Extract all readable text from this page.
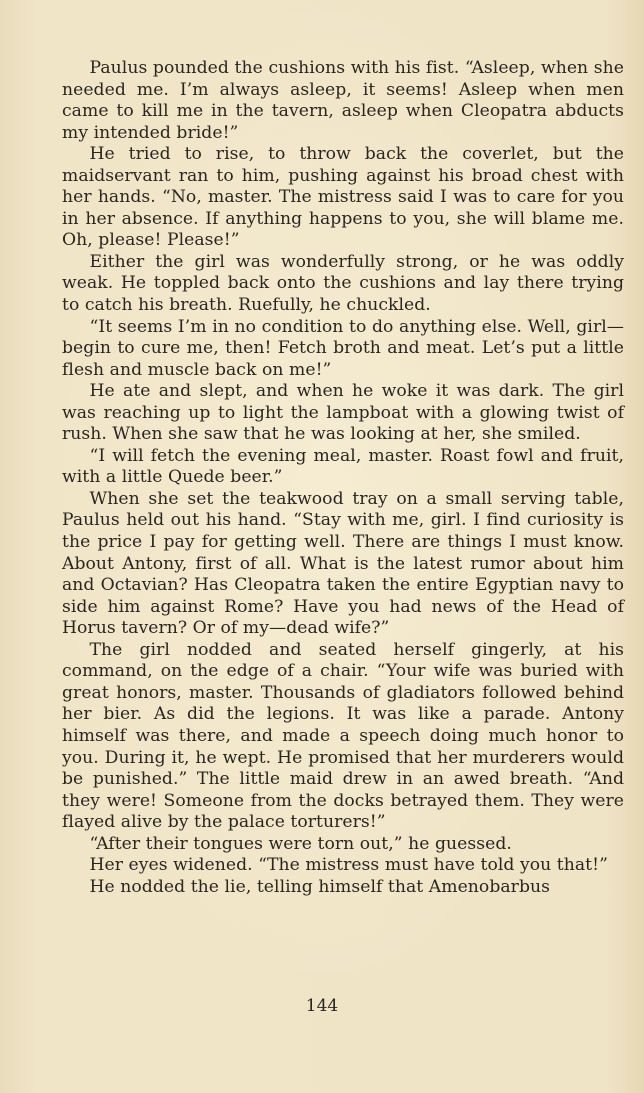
Paulus pounded the cushions with his fist. “Asleep, when she needed me. I’m always asleep, it seems! Asleep when men came to kill me in the tavern, asleep when Cleopatra abducts my intended bride!”

He tried to rise, to throw back the coverlet, but the maidservant ran to him, pushing against his broad chest with her hands. “No, master. The mistress said I was to care for you in her absence. If anything happens to you, she will blame me. Oh, please! Please!”

Either the girl was wonderfully strong, or he was oddly weak. He toppled back onto the cushions and lay there trying to catch his breath. Ruefully, he chuckled.

“It seems I’m in no condition to do anything else. Well, girl—begin to cure me, then! Fetch broth and meat. Let’s put a little flesh and muscle back on me!”

He ate and slept, and when he woke it was dark. The girl was reaching up to light the lampboat with a glowing twist of rush. When she saw that he was looking at her, she smiled.

“I will fetch the evening meal, master. Roast fowl and fruit, with a little Quede beer.”

When she set the teakwood tray on a small serving table, Paulus held out his hand. “Stay with me, girl. I find curiosity is the price I pay for getting well. There are things I must know. About Antony, first of all. What is the latest rumor about him and Octavian? Has Cleopatra taken the entire Egyptian navy to side him against Rome? Have you had news of the Head of Horus tavern? Or of my—dead wife?”

The girl nodded and seated herself gingerly, at his command, on the edge of a chair. “Your wife was buried with great honors, master. Thousands of gladiators followed behind her bier. As did the legions. It was like a parade. Antony himself was there, and made a speech doing much honor to you. During it, he wept. He promised that her murderers would be punished.” The little maid drew in an awed breath. “And they were! Someone from the docks betrayed them. They were flayed alive by the palace torturers!”

“After their tongues were torn out,” he guessed.

Her eyes widened. “The mistress must have told you that!”

He nodded the lie, telling himself that Amenobarbus

144
